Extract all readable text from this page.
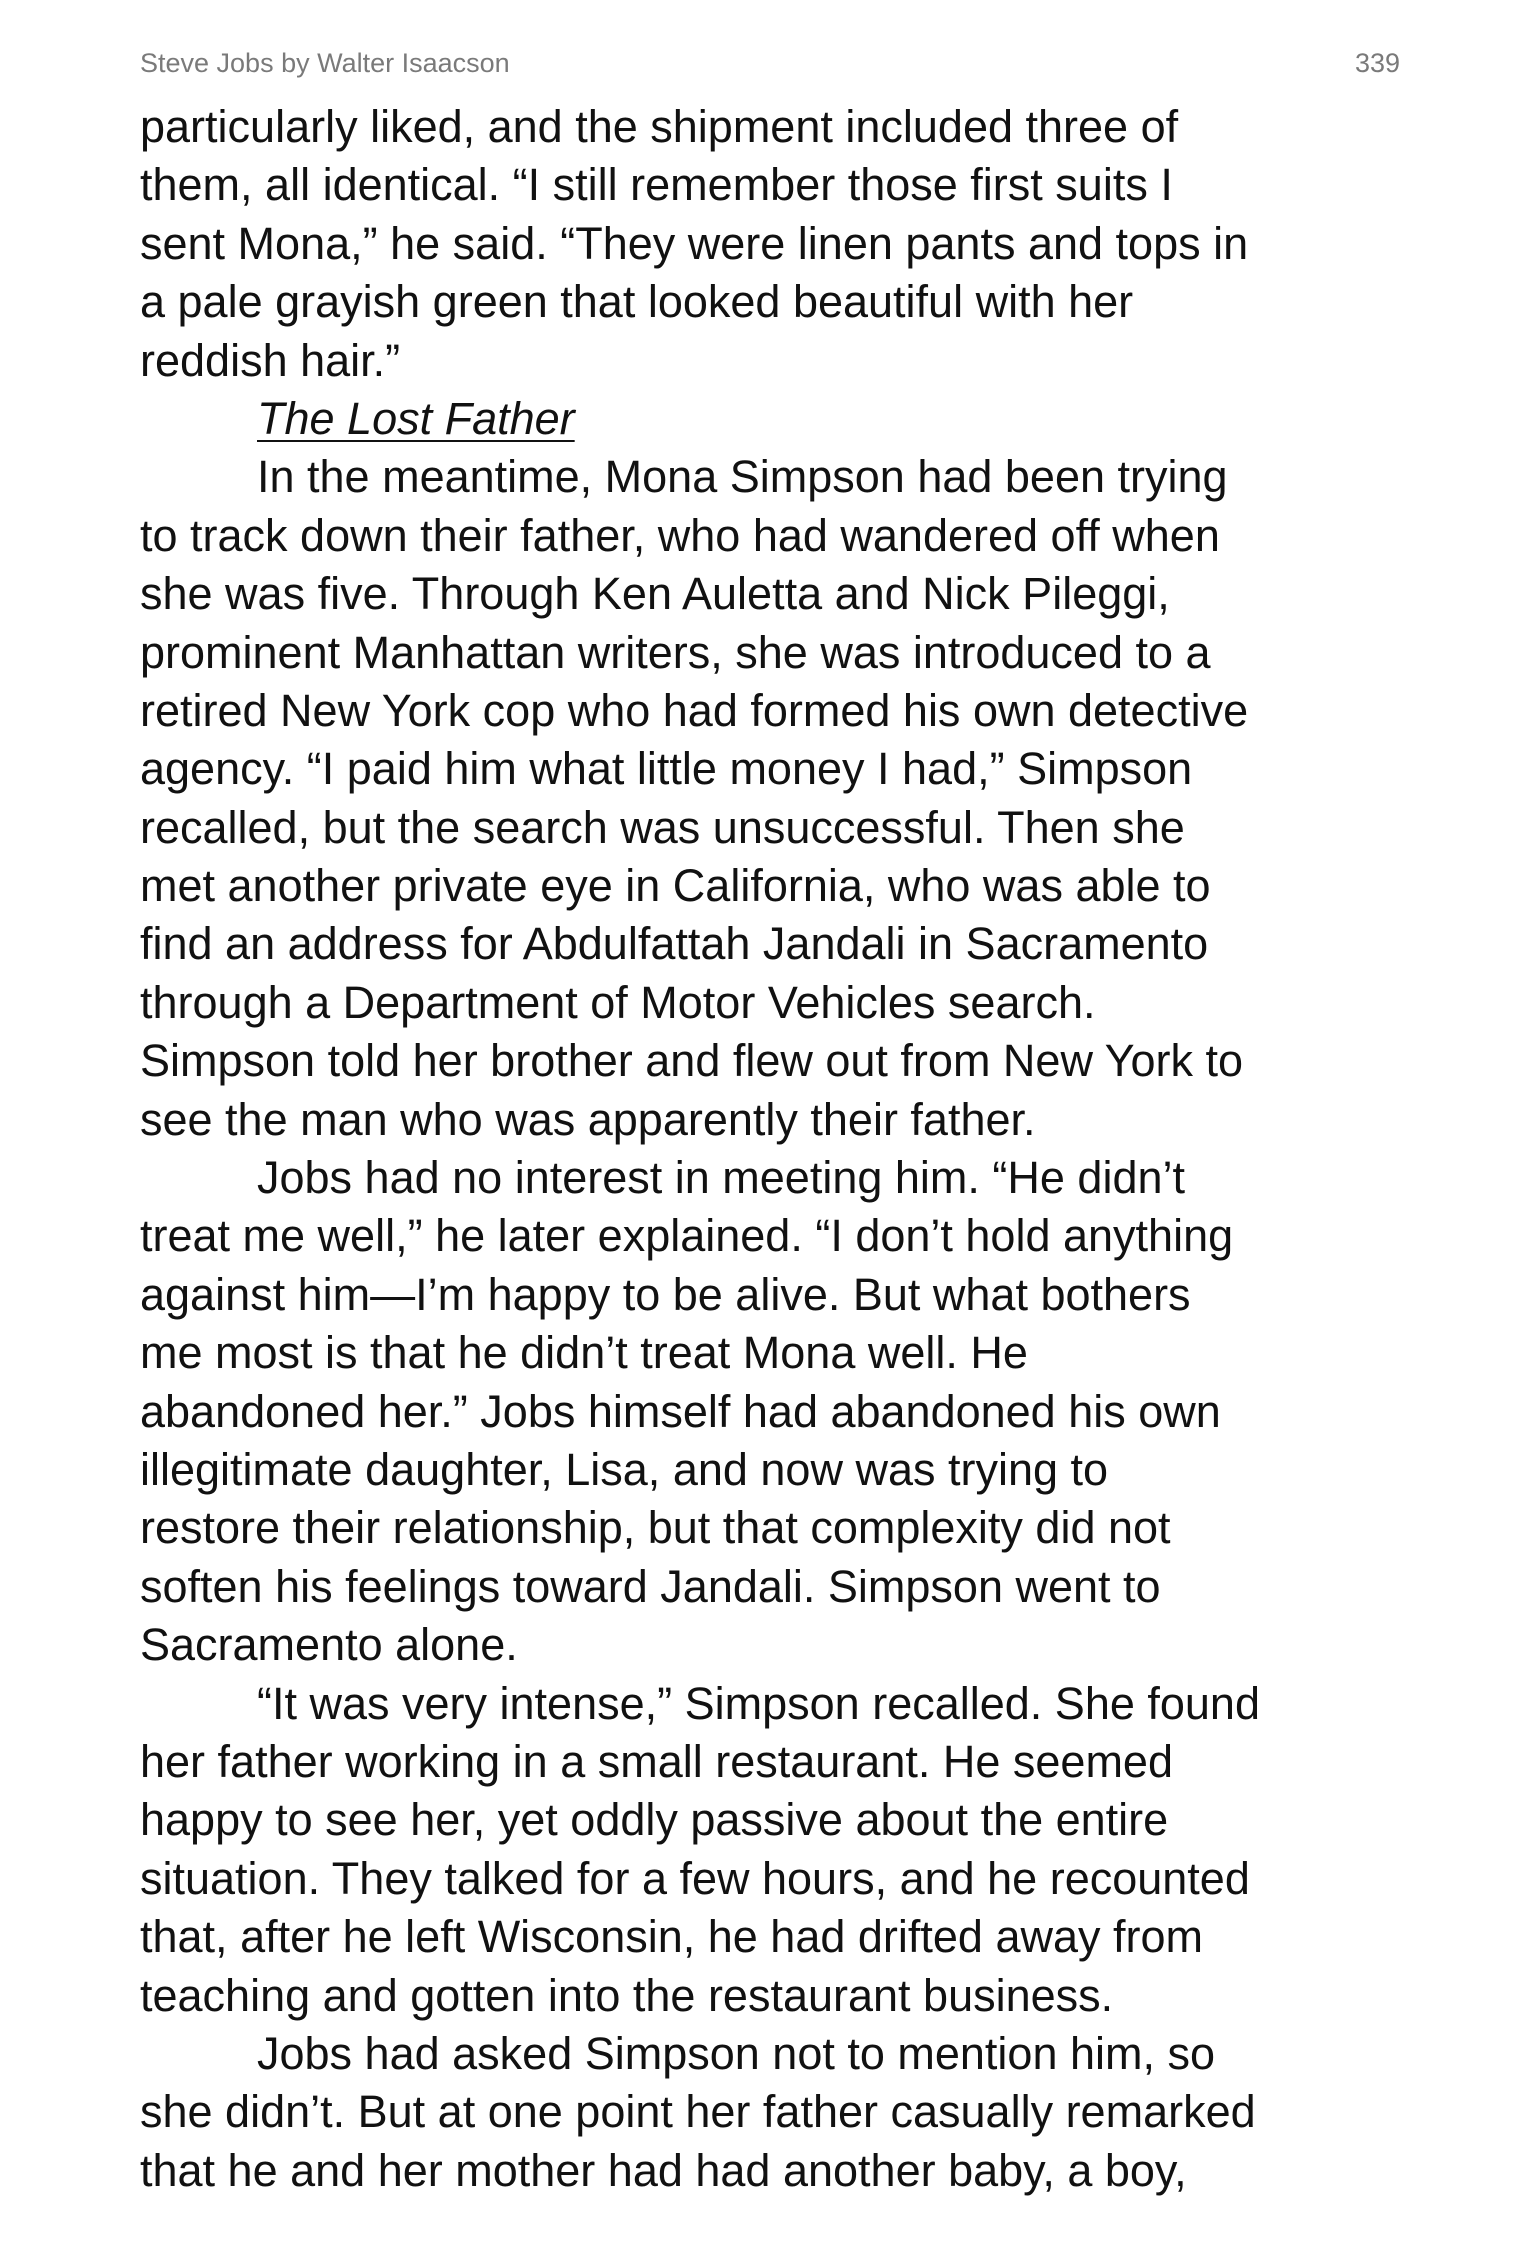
Steve Jobs by Walter Isaacson	339
particularly liked, and the shipment included three of
them, all identical. “I still remember those first suits I
sent Mona,” he said. “They were linen pants and tops in
a pale grayish green that looked beautiful with her
reddish hair.”
The Lost Father
In the meantime, Mona Simpson had been trying
to track down their father, who had wandered off when
she was five. Through Ken Auletta and Nick Pileggi,
prominent Manhattan writers, she was introduced to a
retired New York cop who had formed his own detective
agency. “I paid him what little money I had,” Simpson
recalled, but the search was unsuccessful. Then she
met another private eye in California, who was able to
find an address for Abdulfattah Jandali in Sacramento
through a Department of Motor Vehicles search.
Simpson told her brother and flew out from New York to
see the man who was apparently their father.
Jobs had no interest in meeting him. “He didn’t
treat me well,” he later explained. “I don’t hold anything
against him—I’m happy to be alive. But what bothers
me most is that he didn’t treat Mona well. He
abandoned her.” Jobs himself had abandoned his own
illegitimate daughter, Lisa, and now was trying to
restore their relationship, but that complexity did not
soften his feelings toward Jandali. Simpson went to
Sacramento alone.
“It was very intense,” Simpson recalled. She found
her father working in a small restaurant. He seemed
happy to see her, yet oddly passive about the entire
situation. They talked for a few hours, and he recounted
that, after he left Wisconsin, he had drifted away from
teaching and gotten into the restaurant business.
Jobs had asked Simpson not to mention him, so
she didn’t. But at one point her father casually remarked
that he and her mother had had another baby, a boy,
